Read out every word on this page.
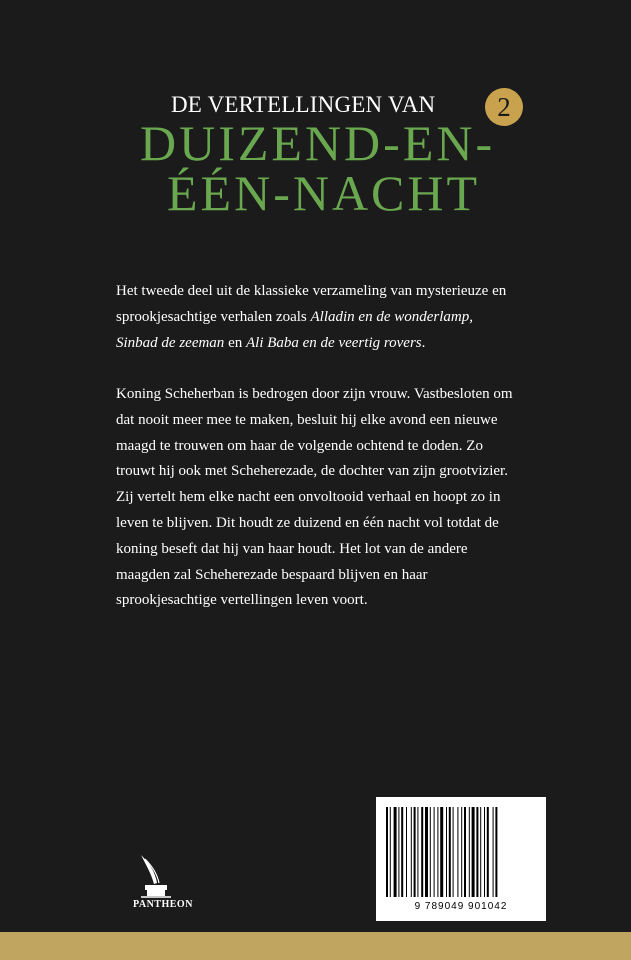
DE VERTELLINGEN VAN	2
DUIZEND-EN-
ÉÉN-NACHT
Het tweede deel uit de klassieke verzameling van mysterieuze en sprookjesachtige verhalen zoals Alladin en de wonderlamp,
Sinbad de zeeman en Ali Baba en de veertig rovers.
Koning Scheherban is bedrogen door zijn vrouw. Vastbesloten om dat nooit meer mee te maken, besluit hij elke avond een nieuwe maagd te trouwen om haar de volgende ochtend te doden. Zo trouwt hij ook met Scheherezade, de dochter van zijn grootvizier. Zij vertelt hem elke nacht een onvoltooid verhaal en hoopt zo in leven te blijven. Dit houdt ze duizend en één nacht vol totdat de koning beseft dat hij van haar houdt. Het lot van de andere maagden zal Scheherezade bespaard blijven en haar sprookjesachtige vertellingen leven voort.
9 789049 901042
PANTHEON
